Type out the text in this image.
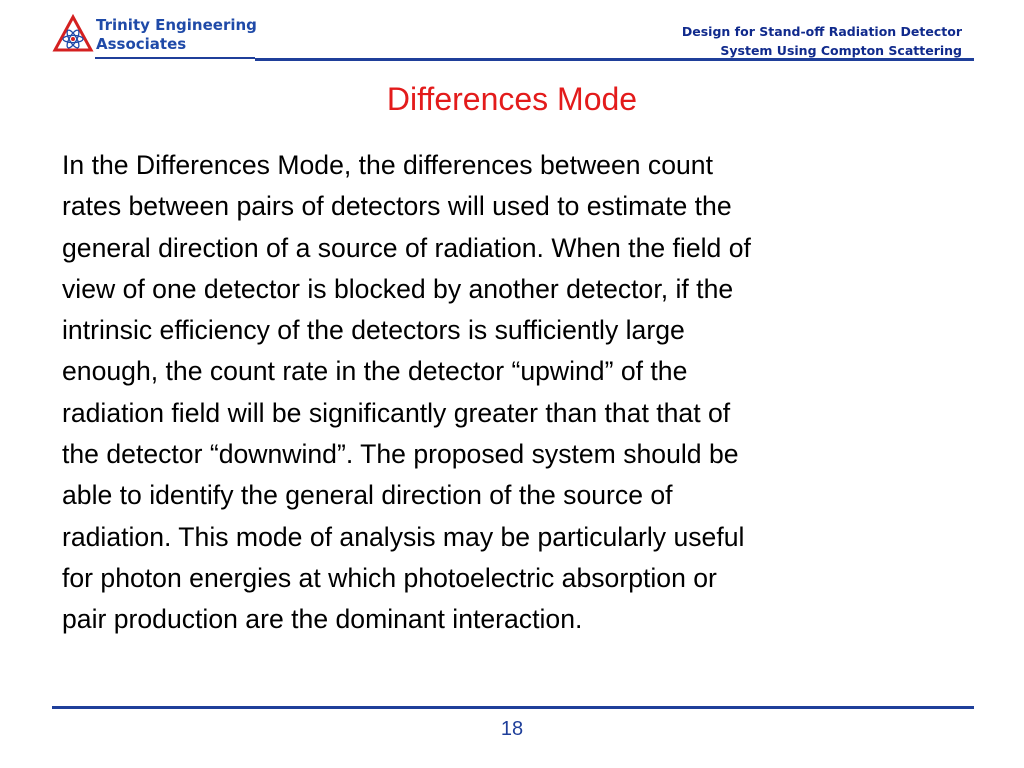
Trinity Engineering
Associates
Design for Stand-off Radiation Detector
System Using Compton Scattering
Differences Mode
In the Differences Mode, the differences between count
rates between pairs of detectors will used to estimate the
general direction of a source of radiation. When the field of
view of one detector is blocked by another detector, if the
intrinsic efficiency of the detectors is sufficiently large
enough, the count rate in the detector “upwind” of the
radiation field will be significantly greater than that that of
the detector “downwind”. The proposed system should be
able to identify the general direction of the source of
radiation. This mode of analysis may be particularly useful
for photon energies at which photoelectric absorption or
pair production are the dominant interaction.
18
